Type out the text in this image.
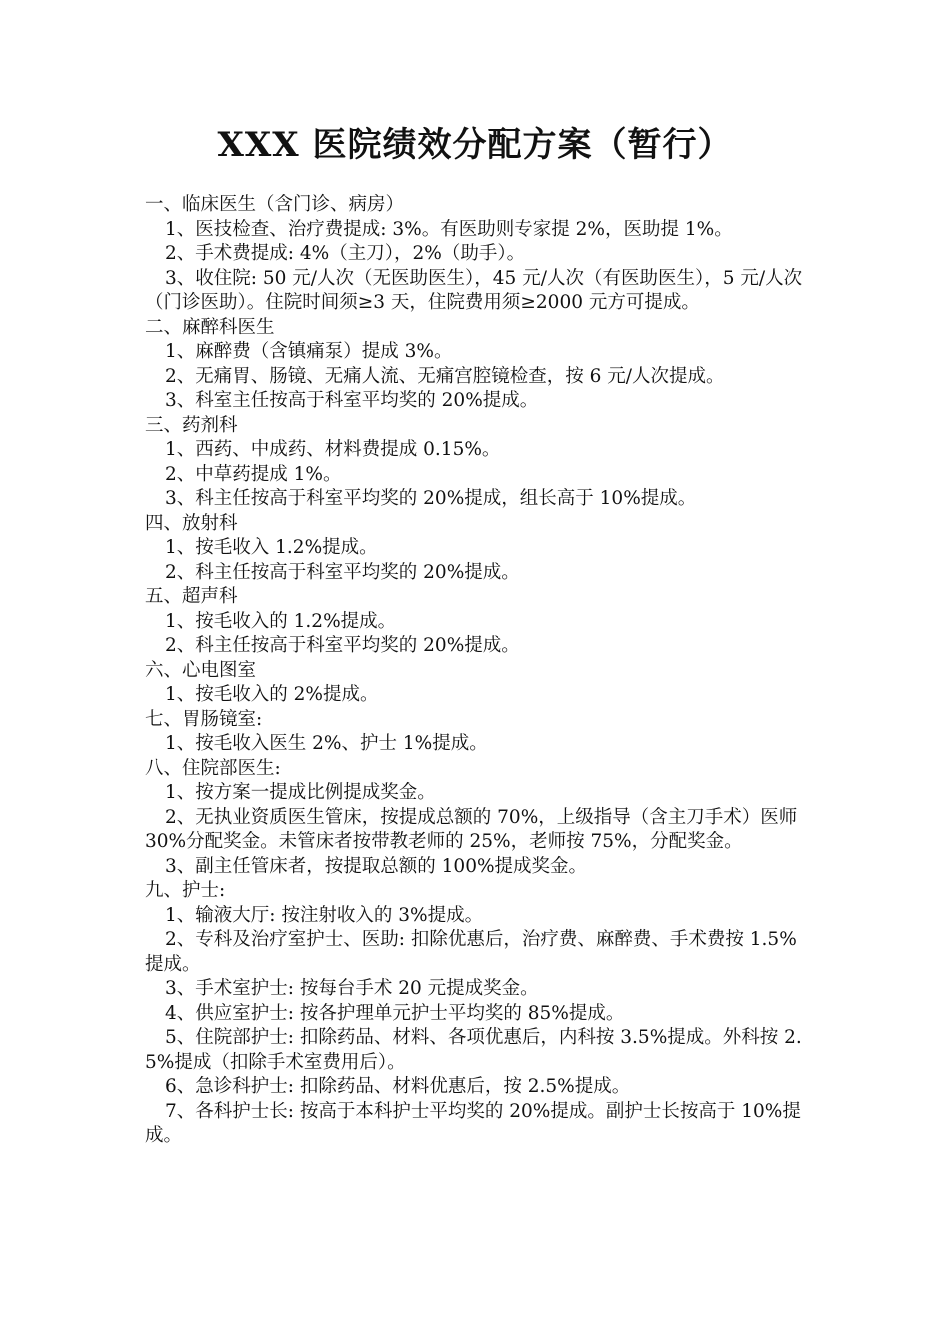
XXX 医院绩效分配方案（暂行）
一、临床医生（含门诊、病房）
1、医技检查、治疗费提成: 3%。有医助则专家提 2%，医助提 1%。
2、手术费提成: 4%（主刀），2%（助手）。
3、收住院: 50 元/人次（无医助医生），45 元/人次（有医助医生），5 元/人次（门诊医助）。住院时间须≥3 天，住院费用须≥2000 元方可提成。
二、麻醉科医生
1、麻醉费（含镇痛泵）提成 3%。
2、无痛胃、肠镜、无痛人流、无痛宫腔镜检查，按 6 元/人次提成。
3、科室主任按高于科室平均奖的 20%提成。
三、药剂科
1、西药、中成药、材料费提成 0.15%。
2、中草药提成 1%。
3、科主任按高于科室平均奖的 20%提成，组长高于 10%提成。
四、放射科
1、按毛收入 1.2%提成。
2、科主任按高于科室平均奖的 20%提成。
五、超声科
1、按毛收入的 1.2%提成。
2、科主任按高于科室平均奖的 20%提成。
六、心电图室
1、按毛收入的 2%提成。
七、胃肠镜室:
1、按毛收入医生 2%、护士 1%提成。
八、住院部医生:
1、按方案一提成比例提成奖金。
2、无执业资质医生管床，按提成总额的 70%，上级指导（含主刀手术）医师 30%分配奖金。未管床者按带教老师的 25%，老师按 75%，分配奖金。
3、副主任管床者，按提取总额的 100%提成奖金。
九、护士:
1、输液大厅: 按注射收入的 3%提成。
2、专科及治疗室护士、医助: 扣除优惠后，治疗费、麻醉费、手术费按 1.5%提成。
3、手术室护士: 按每台手术 20 元提成奖金。
4、供应室护士: 按各护理单元护士平均奖的 85%提成。
5、住院部护士: 扣除药品、材料、各项优惠后，内科按 3.5%提成。外科按 2.5%提成（扣除手术室费用后）。
6、急诊科护士: 扣除药品、材料优惠后，按 2.5%提成。
7、各科护士长: 按高于本科护士平均奖的 20%提成。副护士长按高于 10%提成。
